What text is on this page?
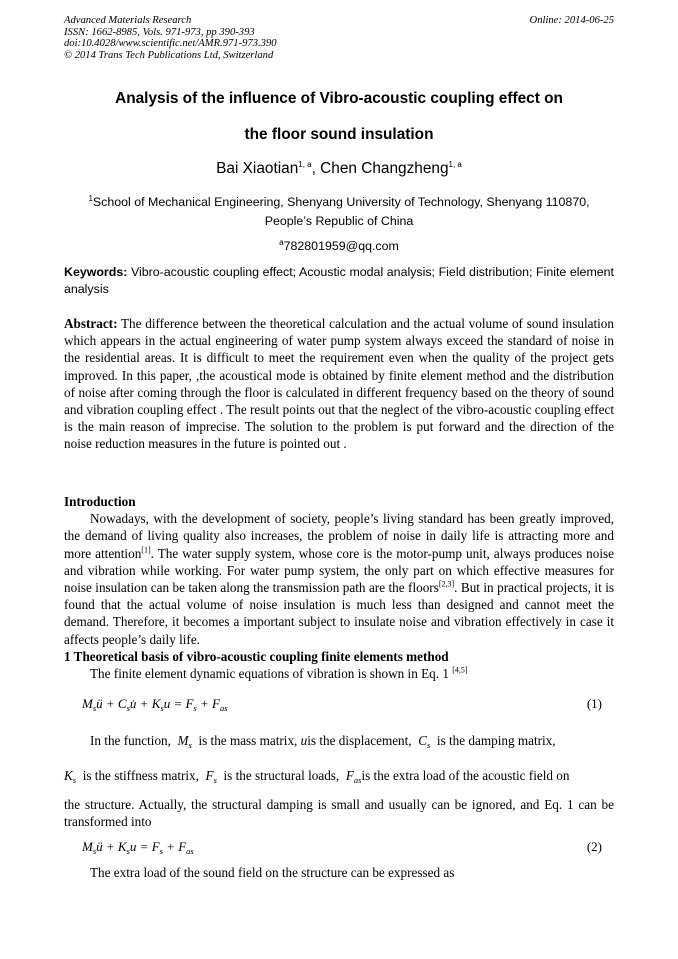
Advanced Materials Research
ISSN: 1662-8985, Vols. 971-973, pp 390-393
doi:10.4028/www.scientific.net/AMR.971-973.390
© 2014 Trans Tech Publications Ltd, Switzerland
Online: 2014-06-25
Analysis of the influence of Vibro-acoustic coupling effect on
the floor sound insulation
Bai Xiaotian$^{1, a}$, Chen Changzheng$^{1, a}$
$^1$School of Mechanical Engineering, Shenyang University of Technology, Shenyang 110870,
People’s Republic of China
$^a$782801959@qq.com
Keywords: Vibro-acoustic coupling effect; Acoustic modal analysis; Field distribution; Finite element analysis

Abstract: The difference between the theoretical calculation and the actual volume of sound insulation which appears in the actual engineering of water pump system always exceed the standard of noise in the residential areas. It is difficult to meet the requirement even when the quality of the project gets improved. In this paper, ,the acoustical mode is obtained by finite element method and the distribution of noise after coming through the floor is calculated in different frequency based on the theory of sound and vibration coupling effect . The result points out that the neglect of the vibro-acoustic coupling effect is the main reason of imprecise. The solution to the problem is put forward and the direction of the noise reduction measures in the future is pointed out .

Introduction

Nowadays, with the development of society, people’s living standard has been greatly improved, the demand of living quality also increases, the problem of noise in daily life is attracting more and more attention[1]. The water supply system, whose core is the motor-pump unit, always produces noise and vibration while working. For water pump system, the only part on which effective measures for noise insulation can be taken along the transmission path are the floors[2,3]. But in practical projects, it is found that the actual volume of noise insulation is much less than designed and cannot meet the demand. Therefore, it becomes a important subject to insulate noise and vibration effectively in case it affects people’s daily life.

1 Theoretical basis of vibro-acoustic coupling finite elements method

The finite element dynamic equations of vibration is shown in Eq. 1 [4,5]

$M_sü$ + $C_su̇ + K_su = F_s + F_{as}$	(1)
In the function,  $M_s$  is the mass matrix, uis the displacement,  $C_s$  is the damping matrix,
$K_s$  is the stiffness matrix,  $F_s$  is the structural loads,  $F_{as}is$ the extra load of the acoustic field on
the structure. Actually, the structural damping is small and usually can be ignored, and Eq. 1 can be transformed into
$M_sü + K_su = F_s + F_{as}$	(2)
The extra load of the sound field on the structure can be expressed as
